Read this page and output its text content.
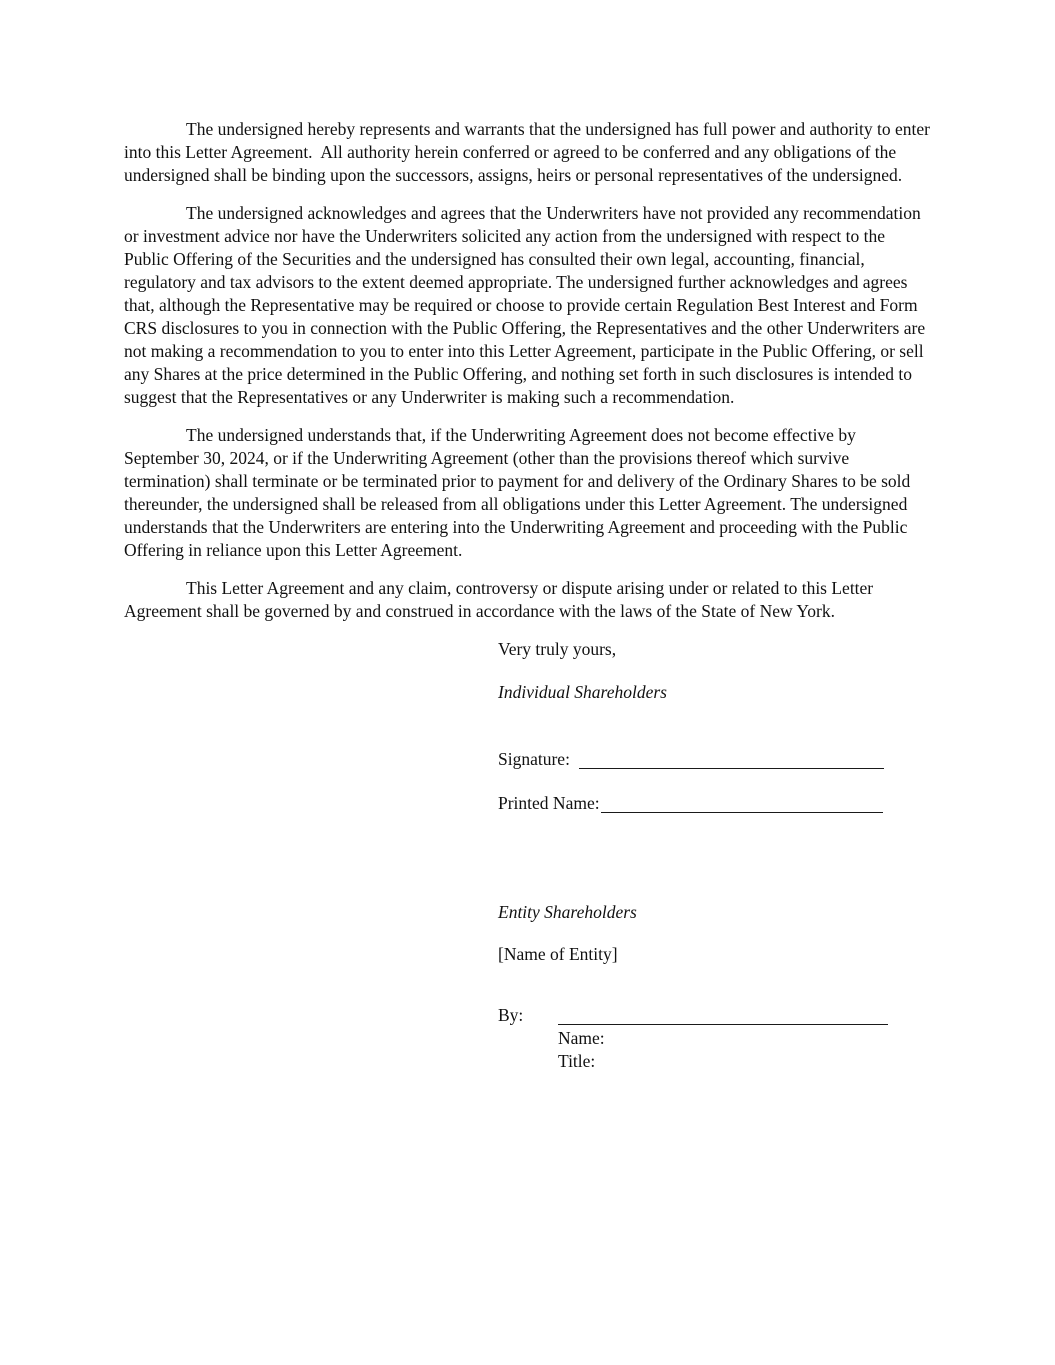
The undersigned hereby represents and warrants that the undersigned has full power and authority to enter into this Letter Agreement.  All authority herein conferred or agreed to be conferred and any obligations of the undersigned shall be binding upon the successors, assigns, heirs or personal representatives of the undersigned.

The undersigned acknowledges and agrees that the Underwriters have not provided any recommendation or investment advice nor have the Underwriters solicited any action from the undersigned with respect to the Public Offering of the Securities and the undersigned has consulted their own legal, accounting, financial, regulatory and tax advisors to the extent deemed appropriate. The undersigned further acknowledges and agrees that, although the Representative may be required or choose to provide certain Regulation Best Interest and Form CRS disclosures to you in connection with the Public Offering, the Representatives and the other Underwriters are not making a recommendation to you to enter into this Letter Agreement, participate in the Public Offering, or sell any Shares at the price determined in the Public Offering, and nothing set forth in such disclosures is intended to suggest that the Representatives or any Underwriter is making such a recommendation.

The undersigned understands that, if the Underwriting Agreement does not become effective by September 30, 2024, or if the Underwriting Agreement (other than the provisions thereof which survive termination) shall terminate or be terminated prior to payment for and delivery of the Ordinary Shares to be sold thereunder, the undersigned shall be released from all obligations under this Letter Agreement. The undersigned understands that the Underwriters are entering into the Underwriting Agreement and proceeding with the Public Offering in reliance upon this Letter Agreement.

This Letter Agreement and any claim, controversy or dispute arising under or related to this Letter Agreement shall be governed by and construed in accordance with the laws of the State of New York.

Very truly yours,
Individual Shareholders
Signature:
Printed Name:
Entity Shareholders
[Name of Entity]
By:
Name:
Title:
